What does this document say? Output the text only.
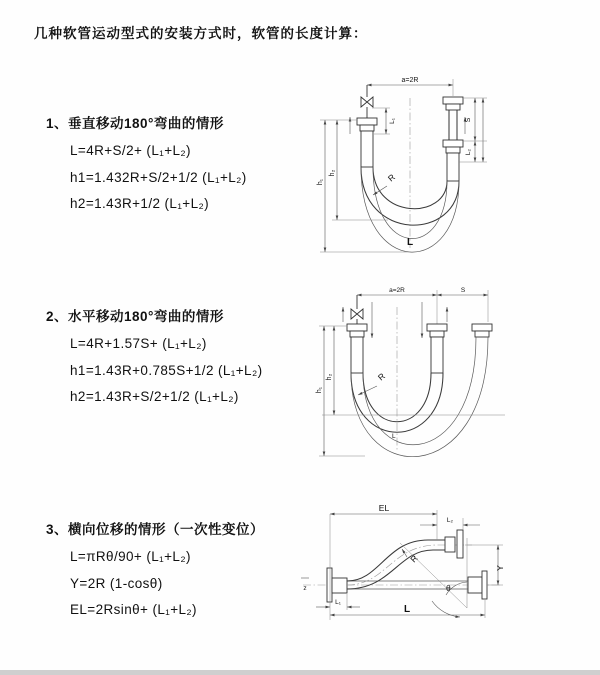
几种软管运动型式的安装方式时，软管的长度计算：
1、垂直移动180°弯曲的情形
L=4R+S/2+ (L₁+L₂)
h1=1.432R+S/2+1/2 (L₁+L₂)
h2=1.43R+1/2 (L₁+L₂)
2、水平移动180°弯曲的情形
L=4R+1.57S+ (L₁+L₂)
h1=1.43R+0.785S+1/2 (L₁+L₂)
h2=1.43R+S/2+1/2 (L₁+L₂)
3、横向位移的情形（一次性变位）
L=πRθ/90+ (L₁+L₂)
Y=2R (1-cosθ)
EL=2Rsinθ+ (L₁+L₂)
a=2R
h₁
h₂
L₁	S
L₂
R
L
a=2R	S
h₁
h₂	R
L
z
EL
L₂
Y
θ
R
L₁
L
